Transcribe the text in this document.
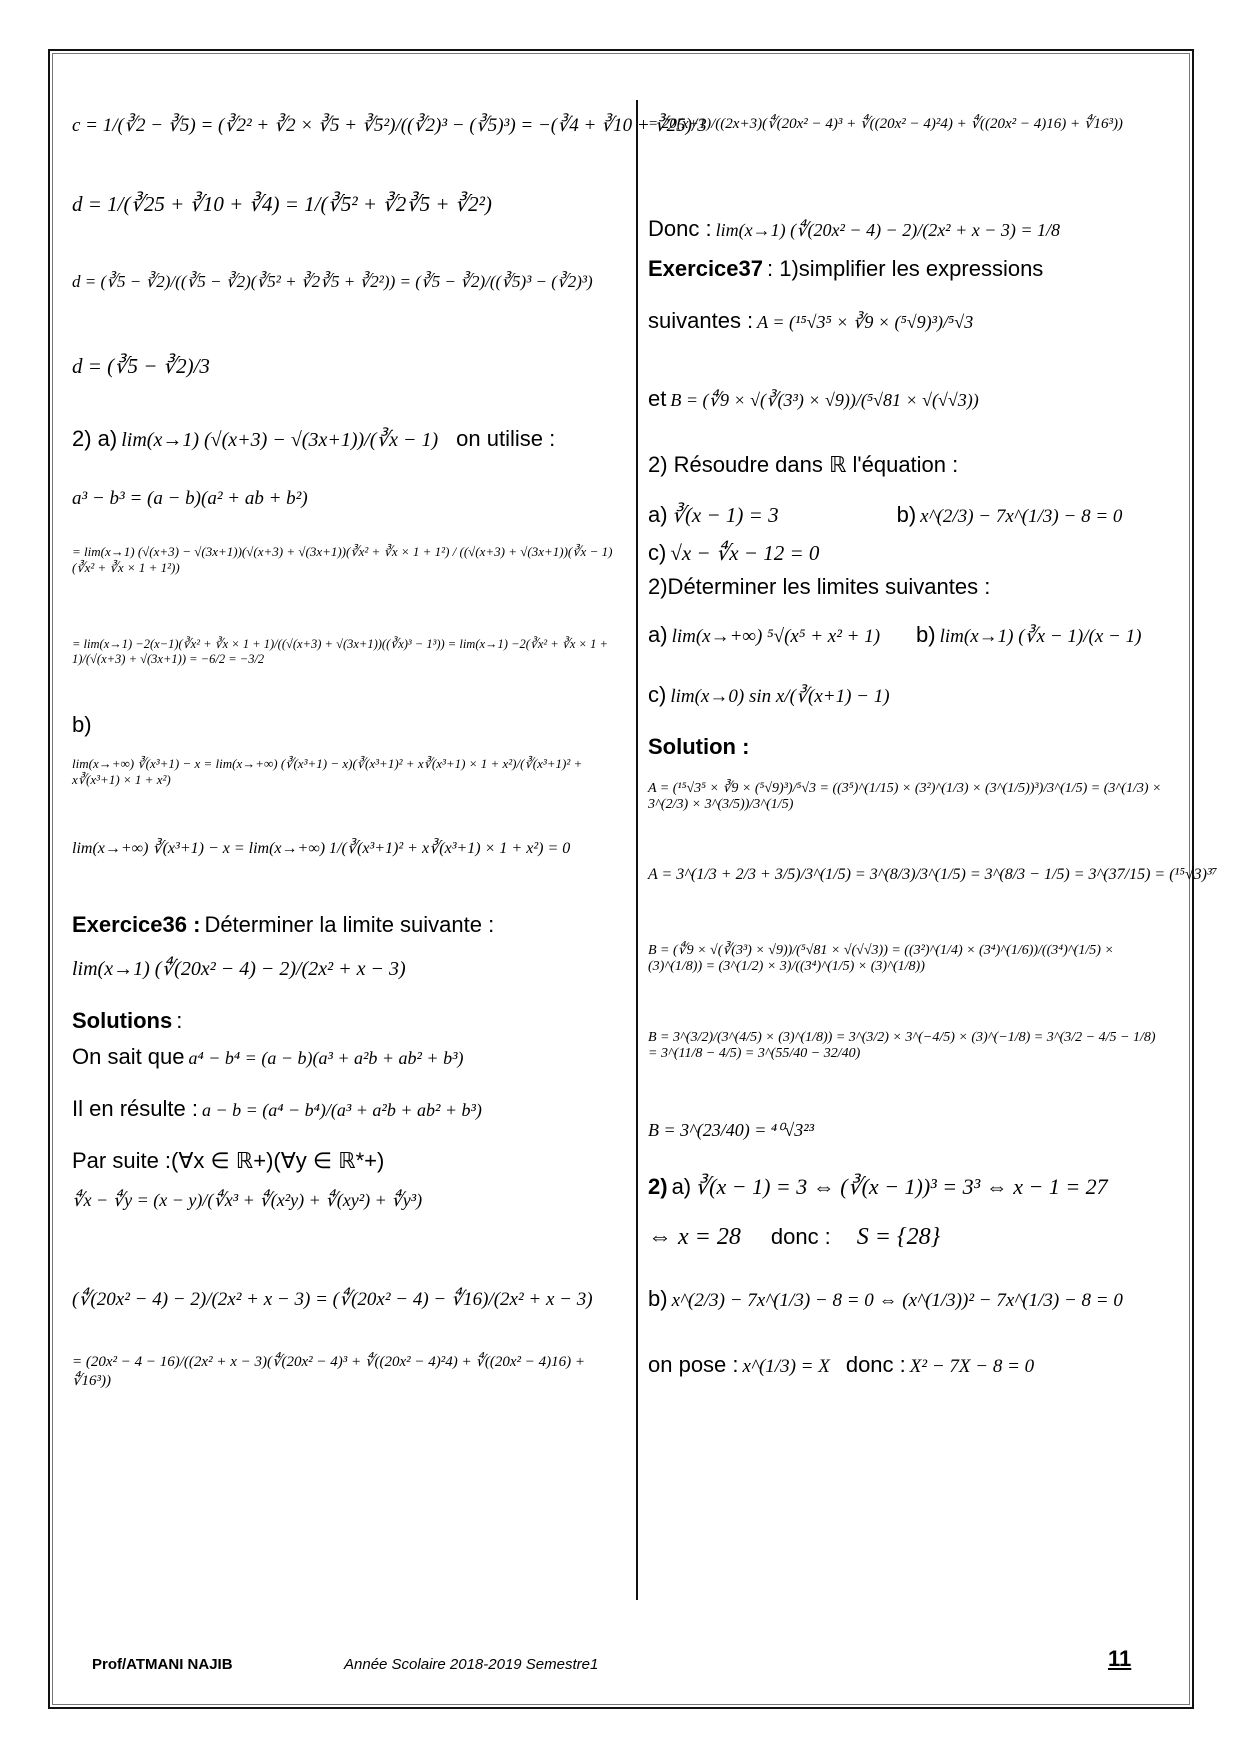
c = 1/(∛2 − ∛5) = (∛2² + ∛2 × ∛5 + ∛5²)/((∛2)³ − (∛5)³) = −(∛4 + ∛10 + ∛25)/3
d = 1/(∛25 + ∛10 + ∛4) = 1/(∛5² + ∛2∛5 + ∛2²)
d = (∛5 − ∛2)/((∛5 − ∛2)(∛5² + ∛2∛5 + ∛2²)) = (∛5 − ∛2)/((∛5)³ − (∛2)³)
d = (∛5 − ∛2)/3
2) a) lim(x→1) (√(x+3) − √(3x+1))/(∛x − 1) on utilise :
a³ − b³ = (a − b)(a² + ab + b²)
= lim(x→1) (√(x+3) − √(3x+1))(√(x+3) + √(3x+1))(∛x² + ∛x × 1 + 1²) / ((√(x+3) + √(3x+1))(∛x − 1)(∛x² + ∛x × 1 + 1²))
= lim(x→1) −2(x−1)(∛x² + ∛x × 1 + 1)/((√(x+3) + √(3x+1))((∛x)³ − 1³)) = lim(x→1) −2(∛x² + ∛x × 1 + 1)/(√(x+3) + √(3x+1)) = −6/2 = −3/2
b)
lim(x→+∞) ∛(x³+1) − x = lim(x→+∞) (∛(x³+1) − x)(∛(x³+1)² + x∛(x³+1) × 1 + x²)/(∛(x³+1)² + x∛(x³+1) × 1 + x²)
lim(x→+∞) ∛(x³+1) − x = lim(x→+∞) 1/(∛(x³+1)² + x∛(x³+1) × 1 + x²) = 0
Exercice36 : Déterminer la limite suivante :
lim(x→1) (∜(20x² − 4) − 2)/(2x² + x − 3)
Solutions :
On sait que a⁴ − b⁴ = (a − b)(a³ + a²b + ab² + b³)
Il en résulte : a − b = (a⁴ − b⁴)/(a³ + a²b + ab² + b³)
Par suite :(∀x ∈ ℝ+)(∀y ∈ ℝ*+)
∜x − ∜y = (x − y)/(∜x³ + ∜(x²y) + ∜(xy²) + ∜y³)
(∜(20x² − 4) − 2)/(2x² + x − 3) = (∜(20x² − 4) − ∜16)/(2x² + x − 3)
= (20x² − 4 − 16)/((2x² + x − 3)(∜(20x² − 4)³ + ∜((20x² − 4)²4) + ∜((20x² − 4)16) + ∜16³))
= 20(x+1)/((2x+3)(∜(20x² − 4)³ + ∜((20x² − 4)²4) + ∜((20x² − 4)16) + ∜16³))
Donc : lim(x→1) (∜(20x² − 4) − 2)/(2x² + x − 3) = 1/8
Exercice37 : 1)simplifier les expressions
suivantes : A = (¹⁵√3⁵ × ∛9 × (⁵√9)³)/⁵√3
et B = (∜9 × √(∛(3³) × √9))/(⁵√81 × √(√√3))
2) Résoudre dans ℝ l'équation :
a) ∛(x − 1) = 3	b) x^(2/3) − 7x^(1/3) − 8 = 0
c) √x − ∜x − 12 = 0
2)Déterminer les limites suivantes :
a) lim(x→+∞) ⁵√(x⁵ + x² + 1) b) lim(x→1) (∛x − 1)/(x − 1)
c) lim(x→0) sin x/(∛(x+1) − 1)
Solution :
A = (¹⁵√3⁵ × ∛9 × (⁵√9)³)/⁵√3 = ((3⁵)^(1/15) × (3²)^(1/3) × (3^(1/5))³)/3^(1/5) = (3^(1/3) × 3^(2/3) × 3^(3/5))/3^(1/5)
A = 3^(1/3 + 2/3 + 3/5)/3^(1/5) = 3^(8/3)/3^(1/5) = 3^(8/3 − 1/5) = 3^(37/15) = (¹⁵√3)³⁷
B = (∜9 × √(∛(3³) × √9))/(⁵√81 × √(√√3)) = ((3²)^(1/4) × (3⁴)^(1/6))/((3⁴)^(1/5) × (3)^(1/8)) = (3^(1/2) × 3)/((3⁴)^(1/5) × (3)^(1/8))
B = 3^(3/2)/(3^(4/5) × (3)^(1/8)) = 3^(3/2) × 3^(−4/5) × (3)^(−1/8) = 3^(3/2 − 4/5 − 1/8) = 3^(11/8 − 4/5) = 3^(55/40 − 32/40)
B = 3^(23/40) = ⁴⁰√3²³
2) a) ∛(x − 1) = 3 ⇔ (∛(x − 1))³ = 3³ ⇔ x − 1 = 27
⇔ x = 28 donc : S = {28}
b) x^(2/3) − 7x^(1/3) − 8 = 0 ⇔ (x^(1/3))² − 7x^(1/3) − 8 = 0
on pose : x^(1/3) = X donc : X² − 7X − 8 = 0
Prof/ATMANI NAJIB	Année Scolaire 2018-2019 Semestre1	11
